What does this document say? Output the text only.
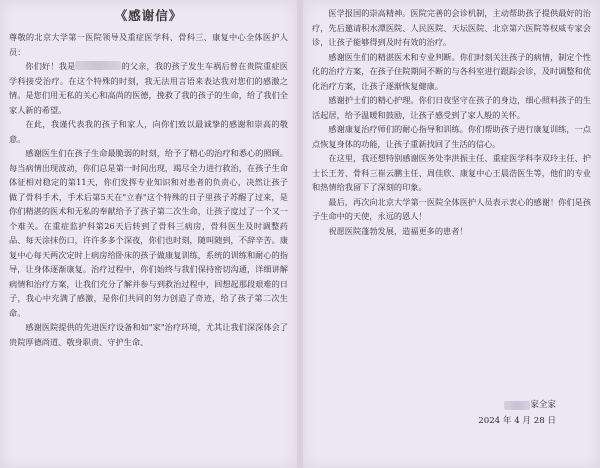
《感谢信》

尊敬的北京大学第一医院领导及重症医学科、骨科三、康复中心全体医护人员：

你们好！我是	的父亲，我的孩子发生车祸后曾在贵院重症医学科接受治疗。在这个特殊的时刻，我无法用言语来表达我对您们的感激之情。是您们用无私的关心和高尚的医德，挽救了我的孩子的生命，给了我们全家人新的希望。

在此，我谨代表我的孩子和家人，向你们致以最诚挚的感谢和崇高的敬意。

感谢医生们在孩子生命最脆弱的时刻，给予了精心的治疗和悉心的照顾。每当病情出现波动，你们总是第一时间出现，竭尽全力进行救治，在孩子生命体征相对稳定的第11天，你们发挥专业知识和对患者的负责心，决然让孩子做了骨科手术，手术后第5天在"立春"这个特殊的日子里孩子苏醒了过来，是你们精湛的医术和无私的奉献给予了孩子第二次生命，让孩子度过了一个又一个难关。在重症监护科第26天后转到了骨科三病房，骨科医生及时调整药品、每天涂抹伤口，许许多多个深夜，你们也时刻，随叫随到，不辞辛苦。康复中心每天两次定时上病房给卧床的孩子做康复训练，系统的训练和耐心的指导，让身体逐渐康复。治疗过程中，你们始终与我们保持密切沟通，详细讲解病情和治疗方案，让我们充分了解并参与到救治过程中，回想起那段艰难的日子，我心中充满了感激，是你们共同的努力创造了奇迹，给了孩子第二次生命。

感谢医院提供的先进医疗设备和如"家"治疗环境，尤其让我们深深体会了贵院厚德尚道、敬身职责、守护生命、

医学报国的崇高精神。医院完善的会诊机制，主动帮助孩子提供最好的治疗，先后邀请积水潭医院、人民医院、天坛医院、北京第六医院等权威专家会诊，让孩子能够得到及时有效的治疗。

感谢医生们的精湛医术和专业判断。你们时刻关注孩子的病情，制定个性化的治疗方案，在孩子住院期间不断的与各科室进行跟踪会诊，及时调整和优化治疗方案，让孩子逐渐恢复健康。

感谢护士们的精心护理。你们日夜坚守在孩子的身边，细心照料孩子的生活起居，给予温暖和鼓励，让孩子感受到了家人般的关怀。

感谢康复治疗师们的耐心指导和训练。你们帮助孩子进行康复训练，一点点恢复身体的功能，让孩子重新找回了生活的信心。

在这里，我还想特别感谢医务处李洪振主任、重症医学科李双玲主任、护士长王芳、骨科三崔云鹏主任、周佳欣、康复中心王晨浩医生等，他们的专业和热情给我留下了深刻的印象。

最后，再次向北京大学第一医院全体医护人员表示衷心的感谢！你们是孩子生命中的天使，永远的恩人！

祝愿医院蓬勃发展，造福更多的患者！

家全家
2024 年 4 月 28 日
